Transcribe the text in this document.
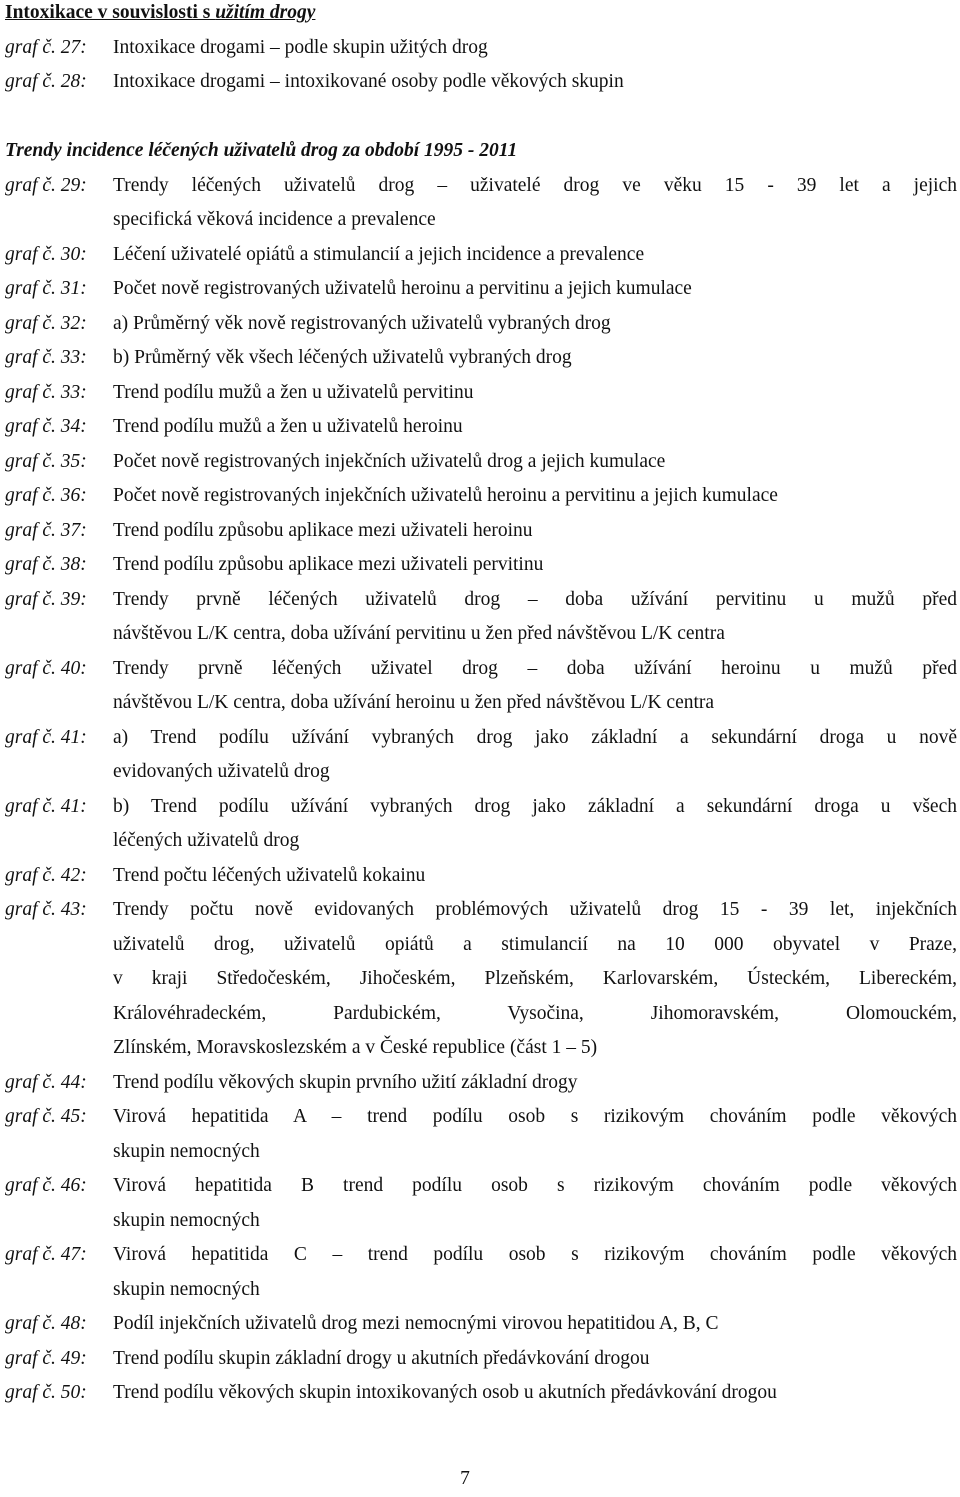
Intoxikace v souvislosti s užitím drogy
graf č. 27:	Intoxikace drogami – podle skupin užitých drog
graf č. 28:	Intoxikace drogami – intoxikované osoby podle věkových skupin
Trendy incidence léčených uživatelů drog za období 1995 - 2011
graf č. 29:	Trendy léčených uživatelů drog – uživatelé drog ve věku 15 - 39 let a jejich
specifická věková incidence a prevalence
graf č. 30:	Léčení uživatelé opiátů a stimulancií a jejich incidence a prevalence
graf č. 31:	Počet nově registrovaných uživatelů heroinu a pervitinu a jejich kumulace
graf č. 32:	a) Průměrný věk nově registrovaných uživatelů vybraných drog
graf č. 33:	b) Průměrný věk všech léčených uživatelů vybraných drog
graf č. 33:	Trend podílu mužů a žen u uživatelů pervitinu
graf č. 34:	Trend podílu mužů a žen u uživatelů heroinu
graf č. 35:	Počet nově registrovaných injekčních uživatelů drog a jejich kumulace
graf č. 36:	Počet nově registrovaných injekčních uživatelů heroinu a pervitinu a jejich kumulace
graf č. 37:	Trend podílu způsobu aplikace mezi uživateli heroinu
graf č. 38:	Trend podílu způsobu aplikace mezi uživateli pervitinu
graf č. 39:	Trendy prvně léčených uživatelů drog – doba užívání pervitinu u mužů před
návštěvou L/K centra, doba užívání pervitinu u žen před návštěvou L/K centra
graf č. 40:	Trendy prvně léčených uživatel drog – doba užívání heroinu u mužů před
návštěvou L/K centra, doba užívání heroinu u žen před návštěvou L/K centra
graf č. 41:	a) Trend podílu užívání vybraných drog jako základní a sekundární droga u nově
evidovaných uživatelů drog
graf č. 41:	b) Trend podílu užívání vybraných drog jako základní a sekundární droga u všech
léčených uživatelů drog
graf č. 42:	Trend počtu léčených uživatelů kokainu
graf č. 43:	Trendy počtu nově evidovaných problémových uživatelů drog 15 - 39 let, injekčních
uživatelů drog, uživatelů opiátů a stimulancií na 10 000 obyvatel v Praze,
v kraji Středočeském, Jihočeském, Plzeňském, Karlovarském, Ústeckém, Libereckém,
Královéhradeckém, Pardubickém, Vysočina, Jihomoravském, Olomouckém,
Zlínském, Moravskoslezském a v České republice (část 1 – 5)
graf č. 44:	Trend podílu věkových skupin prvního užití základní drogy
graf č. 45:	Virová hepatitida A – trend podílu osob s rizikovým chováním podle věkových
skupin nemocných
graf č. 46:	Virová hepatitida B trend podílu osob s rizikovým chováním podle věkových
skupin nemocných
graf č. 47:	Virová hepatitida C – trend podílu osob s rizikovým chováním podle věkových
skupin nemocných
graf č. 48:	Podíl injekčních uživatelů drog mezi nemocnými virovou hepatitidou A, B, C
graf č. 49:	Trend podílu skupin základní drogy u akutních předávkování drogou
graf č. 50:	Trend podílu věkových skupin intoxikovaných osob u akutních předávkování drogou
7
